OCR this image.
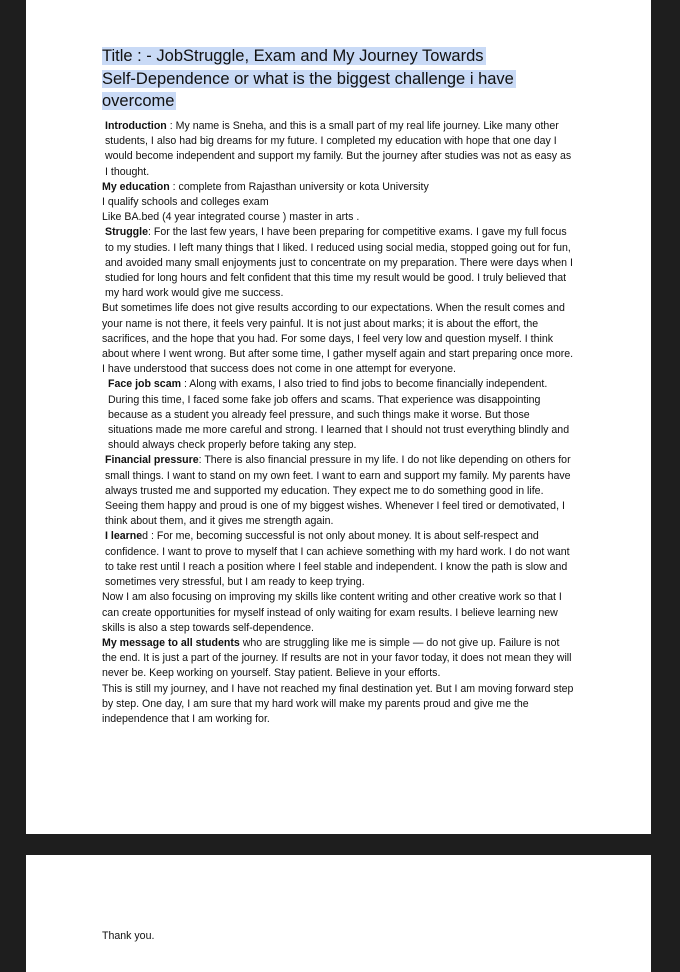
Title : - JobStruggle, Exam and My Journey Towards
Self-Dependence or what is the biggest challenge i have
overcome

Introduction : My name is Sneha, and this is a small part of my real life journey. Like many other students, I also had big dreams for my future. I completed my education with hope that one day I would become independent and support my family. But the journey after studies was not as easy as I thought.

My education : complete from Rajasthan university or kota University

I qualify schools and colleges exam

Like BA.bed (4 year integrated course ) master in arts .

Struggle: For the last few years, I have been preparing for competitive exams. I gave my full focus to my studies. I left many things that I liked. I reduced using social media, stopped going out for fun, and avoided many small enjoyments just to concentrate on my preparation. There were days when I studied for long hours and felt confident that this time my result would be good. I truly believed that my hard work would give me success.

But sometimes life does not give results according to our expectations. When the result comes and your name is not there, it feels very painful. It is not just about marks; it is about the effort, the sacrifices, and the hope that you had. For some days, I feel very low and question myself. I think about where I went wrong. But after some time, I gather myself again and start preparing once more. I have understood that success does not come in one attempt for everyone.

Face job scam : Along with exams, I also tried to find jobs to become financially independent. During this time, I faced some fake job offers and scams. That experience was disappointing because as a student you already feel pressure, and such things make it worse. But those situations made me more careful and strong. I learned that I should not trust everything blindly and should always check properly before taking any step.

Financial pressure: There is also financial pressure in my life. I do not like depending on others for small things. I want to stand on my own feet. I want to earn and support my family. My parents have always trusted me and supported my education. They expect me to do something good in life. Seeing them happy and proud is one of my biggest wishes. Whenever I feel tired or demotivated, I think about them, and it gives me strength again.

I learned : For me, becoming successful is not only about money. It is about self-respect and confidence. I want to prove to myself that I can achieve something with my hard work. I do not want to take rest until I reach a position where I feel stable and independent. I know the path is slow and sometimes very stressful, but I am ready to keep trying.

Now I am also focusing on improving my skills like content writing and other creative work so that I can create opportunities for myself instead of only waiting for exam results. I believe learning new skills is also a step towards self-dependence.

My message to all students who are struggling like me is simple — do not give up. Failure is not the end. It is just a part of the journey. If results are not in your favor today, it does not mean they will never be. Keep working on yourself. Stay patient. Believe in your efforts.

This is still my journey, and I have not reached my final destination yet. But I am moving forward step by step. One day, I am sure that my hard work will make my parents proud and give me the independence that I am working for.

Thank you.
